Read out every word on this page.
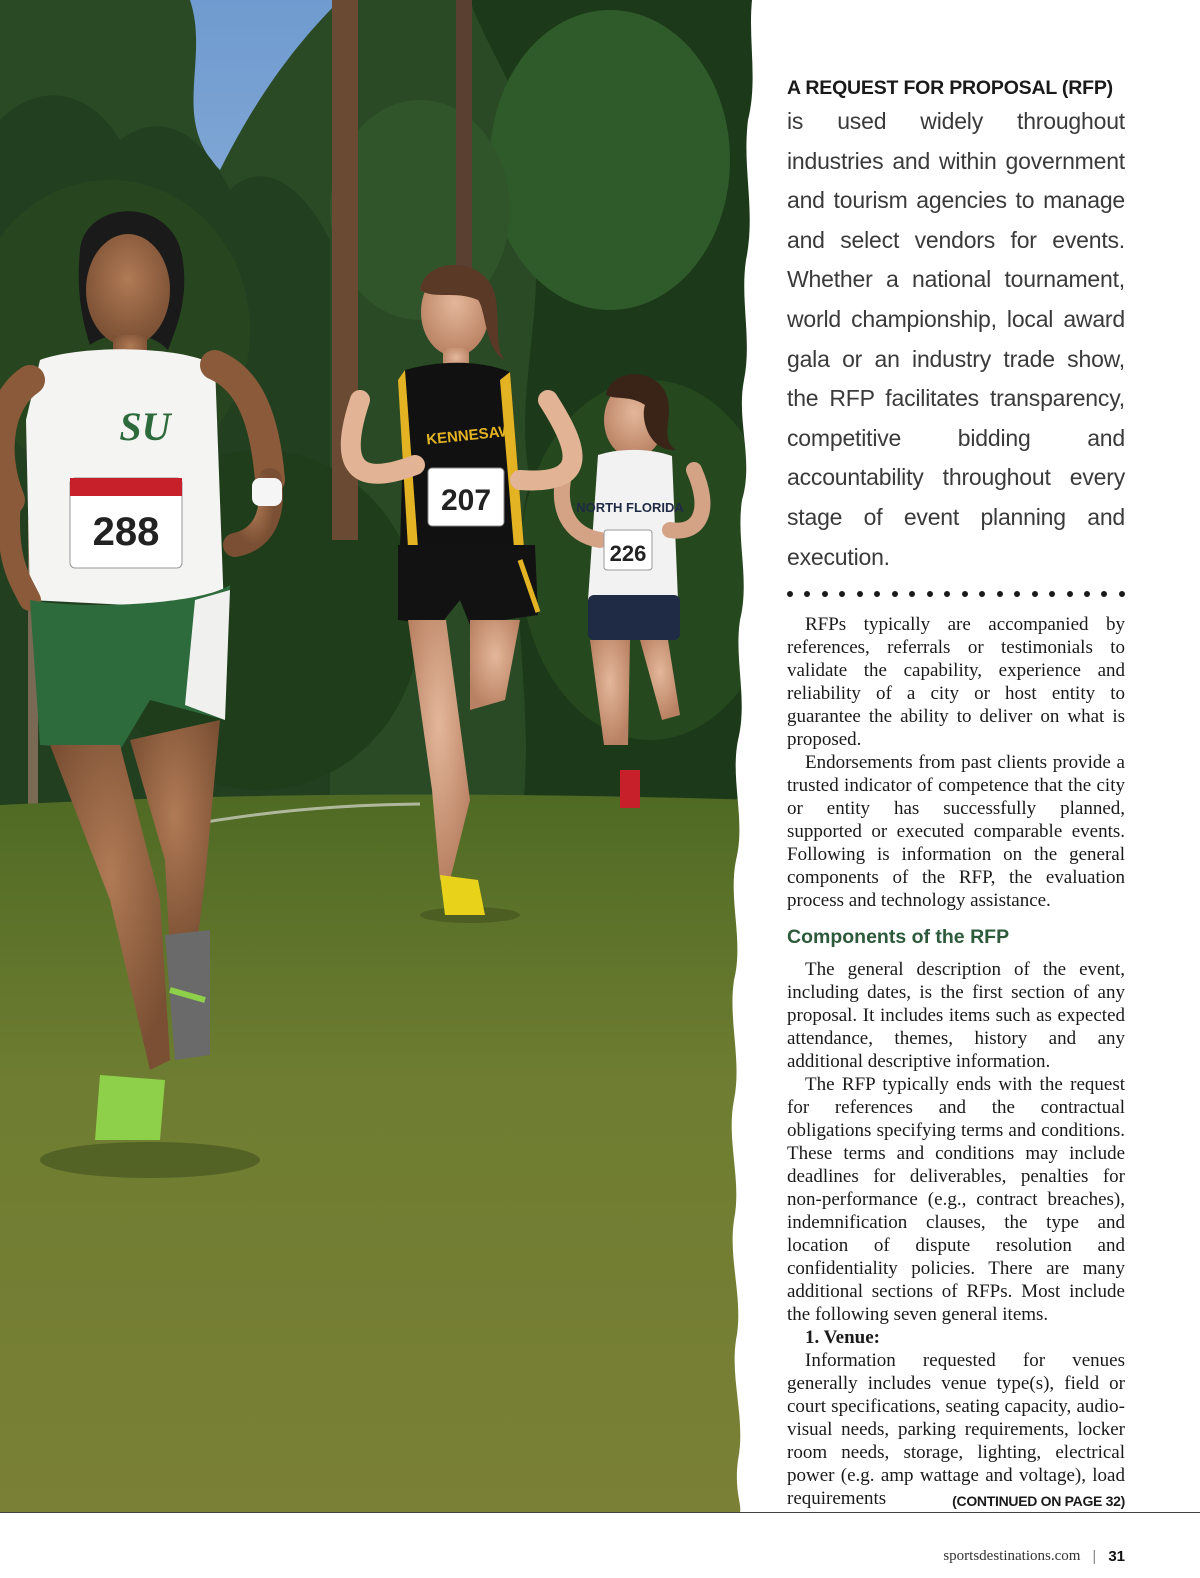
207
KENNESAW
288
SU
NORTH FLORIDA
226

A REQUEST FOR PROPOSAL (RFP)

is used widely throughout industries and within government and tourism agencies to manage and select vendors for events. Whether a national tournament, world championship, local award gala or an industry trade show, the RFP facilitates transparency, competitive bidding and accountability throughout every stage of event planning and execution.

RFPs typically are accompanied by references, referrals or testimonials to validate the capability, experience and reliability of a city or host entity to guarantee the ability to deliver on what is proposed.

Endorsements from past clients provide a trusted indicator of competence that the city or entity has successfully planned, supported or executed comparable events. Following is information on the general components of the RFP, the evaluation process and technology assistance.

Components of the RFP

The general description of the event, including dates, is the first section of any proposal. It includes items such as expected attendance, themes, history and any additional descriptive information.

The RFP typically ends with the request for references and the contractual obligations specifying terms and conditions. These terms and conditions may include deadlines for deliverables, penalties for non-performance (e.g., contract breaches), indemnification clauses, the type and location of dispute resolution and confidentiality policies. There are many additional sections of RFPs. Most include the following seven general items.

1. Venue:

Information requested for venues generally includes venue type(s), field or court specifications, seating capacity, audio-visual needs, parking requirements, locker room needs, storage, lighting, electrical power (e.g. amp wattage and voltage), load requirements	(CONTINUED ON PAGE 32)

sportsdestinations.com | 31
